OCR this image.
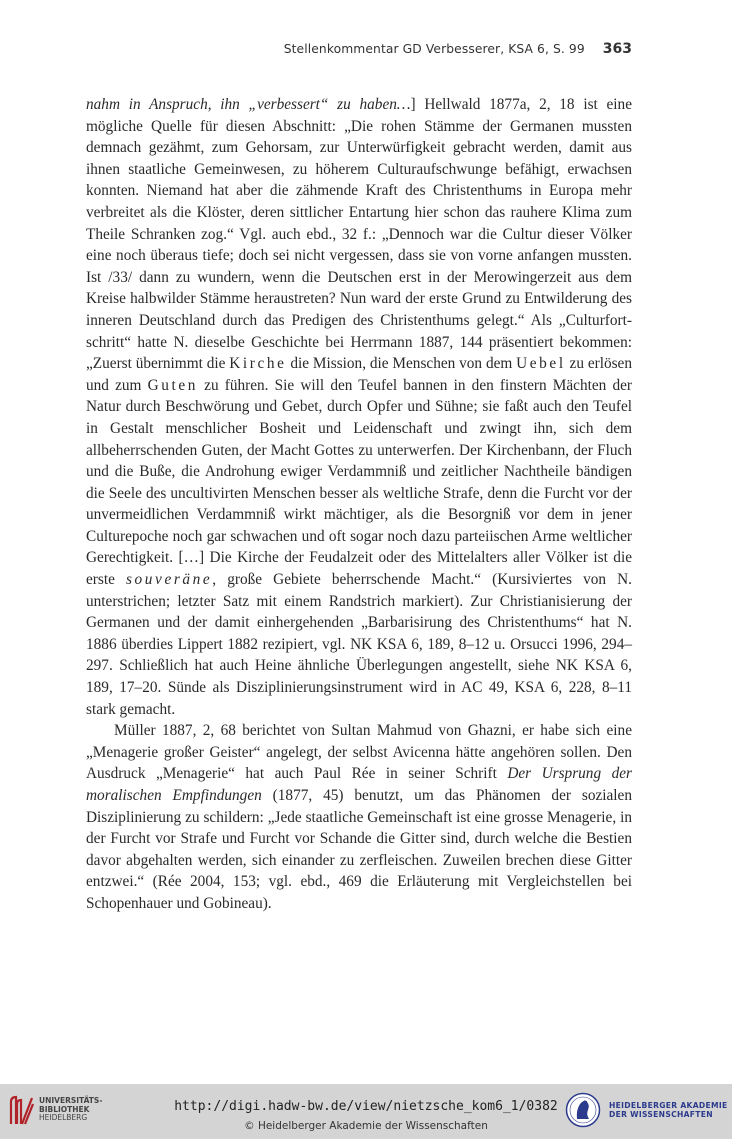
Stellenkommentar GD Verbesserer, KSA 6, S. 99 363

nahm in Anspruch, ihn „verbessert“ zu haben…] Hellwald 1877a, 2, 18 ist eine mögliche Quelle für diesen Abschnitt: „Die rohen Stämme der Germanen mussten demnach gezähmt, zum Gehorsam, zur Unterwürfigkeit gebracht werden, damit aus ihnen staatliche Gemeinwesen, zu höherem Culturaufschwunge befähigt, erwachsen konnten. Niemand hat aber die zähmende Kraft des Christenthums in Europa mehr verbreitet als die Klöster, deren sittlicher Entartung hier schon das rauhere Klima zum Theile Schranken zog.“ Vgl. auch ebd., 32 f.: „Dennoch war die Cultur dieser Völker eine noch überaus tiefe; doch sei nicht vergessen, dass sie von vorne anfangen mussten. Ist /33/ dann zu wundern, wenn die Deutschen erst in der Merowingerzeit aus dem Kreise halbwilder Stämme heraustreten? Nun ward der erste Grund zu Entwilderung des inneren Deutschland durch das Predigen des Christenthums gelegt.“ Als „Culturfortschritt“ hatte N. dieselbe Geschichte bei Herrmann 1887, 144 präsentiert bekommen: „Zuerst übernimmt die Kirche die Mission, die Menschen von dem Uebel zu erlösen und zum Guten zu führen. Sie will den Teufel bannen in den finstern Mächten der Natur durch Beschwörung und Gebet, durch Opfer und Sühne; sie faßt auch den Teufel in Gestalt menschlicher Bosheit und Leidenschaft und zwingt ihn, sich dem allbeherrschenden Guten, der Macht Gottes zu unterwerfen. Der Kirchenbann, der Fluch und die Buße, die Androhung ewiger Verdammniß und zeitlicher Nachtheile bändigen die Seele des uncultivirten Menschen besser als weltliche Strafe, denn die Furcht vor der unvermeidlichen Verdammniß wirkt mächtiger, als die Besorgniß vor dem in jener Culturepoche noch gar schwachen und oft sogar noch dazu parteiischen Arme weltlicher Gerechtigkeit. […] Die Kirche der Feudalzeit oder des Mittelalters aller Völker ist die erste souveräne, große Gebiete beherrschende Macht.“ (Kursiviertes von N. unterstrichen; letzter Satz mit einem Randstrich markiert). Zur Christianisierung der Germanen und der damit einhergehenden „Barbarisirung des Christenthums“ hat N. 1886 überdies Lippert 1882 rezipiert, vgl. NK KSA 6, 189, 8–12 u. Orsucci 1996, 294–297. Schließlich hat auch Heine ähnliche Überlegungen angestellt, siehe NK KSA 6, 189, 17–20. Sünde als Disziplinierungsinstrument wird in AC 49, KSA 6, 228, 8–11 stark gemacht.

Müller 1887, 2, 68 berichtet von Sultan Mahmud von Ghazni, er habe sich eine „Menagerie großer Geister“ angelegt, der selbst Avicenna hätte angehören sollen. Den Ausdruck „Menagerie“ hat auch Paul Rée in seiner Schrift Der Ursprung der moralischen Empfindungen (1877, 45) benutzt, um das Phänomen der sozialen Disziplinierung zu schildern: „Jede staatliche Gemeinschaft ist eine grosse Menagerie, in der Furcht vor Strafe und Furcht vor Schande die Gitter sind, durch welche die Bestien davor abgehalten werden, sich einander zu zerfleischen. Zuweilen brechen diese Gitter entzwei.“ (Rée 2004, 153; vgl. ebd., 469 die Erläuterung mit Vergleichstellen bei Schopenhauer und Gobineau).

UNIVERSITÄTS-
BIBLIOTHEK
HEIDELBERG
http://digi.hadw-bw.de/view/nietzsche_kom6_1/0382
© Heidelberger Akademie der Wissenschaften
HEIDELBERGER AKADEMIE
DER WISSENSCHAFTEN
